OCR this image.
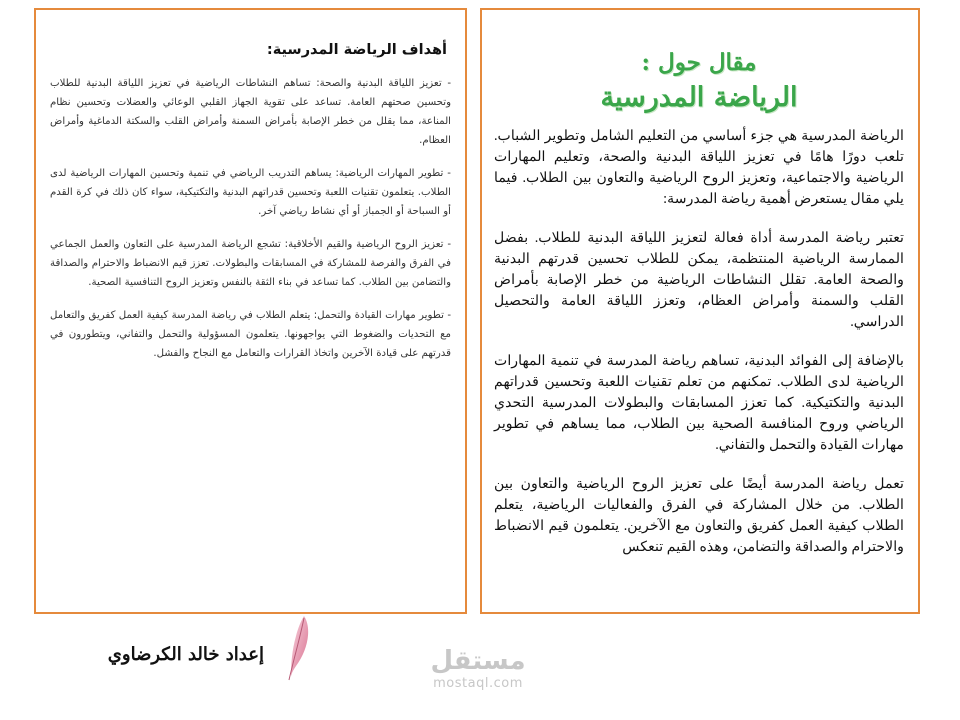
أهداف الرياضة المدرسية:

- تعزيز اللياقة البدنية والصحة: تساهم النشاطات الرياضية في تعزيز اللياقة البدنية للطلاب وتحسين صحتهم العامة. تساعد على تقوية الجهاز القلبي الوعائي والعضلات وتحسين نظام المناعة، مما يقلل من خطر الإصابة بأمراض السمنة وأمراض القلب والسكتة الدماغية وأمراض العظام.

- تطوير المهارات الرياضية: يساهم التدريب الرياضي في تنمية وتحسين المهارات الرياضية لدى الطلاب. يتعلمون تقنيات اللعبة وتحسين قدراتهم البدنية والتكتيكية، سواء كان ذلك في كرة القدم أو السباحة أو الجمباز أو أي نشاط رياضي آخر.

- تعزيز الروح الرياضية والقيم الأخلاقية: تشجع الرياضة المدرسية على التعاون والعمل الجماعي في الفرق والفرصة للمشاركة في المسابقات والبطولات. تعزز قيم الانضباط والاحترام والصداقة والتضامن بين الطلاب. كما تساعد في بناء الثقة بالنفس وتعزيز الروح التنافسية الصحية.

- تطوير مهارات القيادة والتحمل: يتعلم الطلاب في رياضة المدرسة كيفية العمل كفريق والتعامل مع التحديات والضغوط التي يواجهونها. يتعلمون المسؤولية والتحمل والتفاني، ويتطورون في قدرتهم على قيادة الآخرين واتخاذ القرارات والتعامل مع النجاح والفشل.

مقال حول :
الرياضة المدرسية

الرياضة المدرسية هي جزء أساسي من التعليم الشامل وتطوير الشباب. تلعب دورًا هامًا في تعزيز اللياقة البدنية والصحة، وتعليم المهارات الرياضية والاجتماعية، وتعزيز الروح الرياضية والتعاون بين الطلاب. فيما يلي مقال يستعرض أهمية رياضة المدرسة:

تعتبر رياضة المدرسة أداة فعالة لتعزيز اللياقة البدنية للطلاب. بفضل الممارسة الرياضية المنتظمة، يمكن للطلاب تحسين قدرتهم البدنية والصحة العامة. تقلل النشاطات الرياضية من خطر الإصابة بأمراض القلب والسمنة وأمراض العظام، وتعزز اللياقة العامة والتحصيل الدراسي.

بالإضافة إلى الفوائد البدنية، تساهم رياضة المدرسة في تنمية المهارات الرياضية لدى الطلاب. تمكنهم من تعلم تقنيات اللعبة وتحسين قدراتهم البدنية والتكتيكية. كما تعزز المسابقات والبطولات المدرسية التحدي الرياضي وروح المنافسة الصحية بين الطلاب، مما يساهم في تطوير مهارات القيادة والتحمل والتفاني.

تعمل رياضة المدرسة أيضًا على تعزيز الروح الرياضية والتعاون بين الطلاب. من خلال المشاركة في الفرق والفعاليات الرياضية، يتعلم الطلاب كيفية العمل كفريق والتعاون مع الآخرين. يتعلمون قيم الانضباط والاحترام والصداقة والتضامن، وهذه القيم تنعكس

إعداد خالد الكرضاوي	مستقل
mostaql.com
